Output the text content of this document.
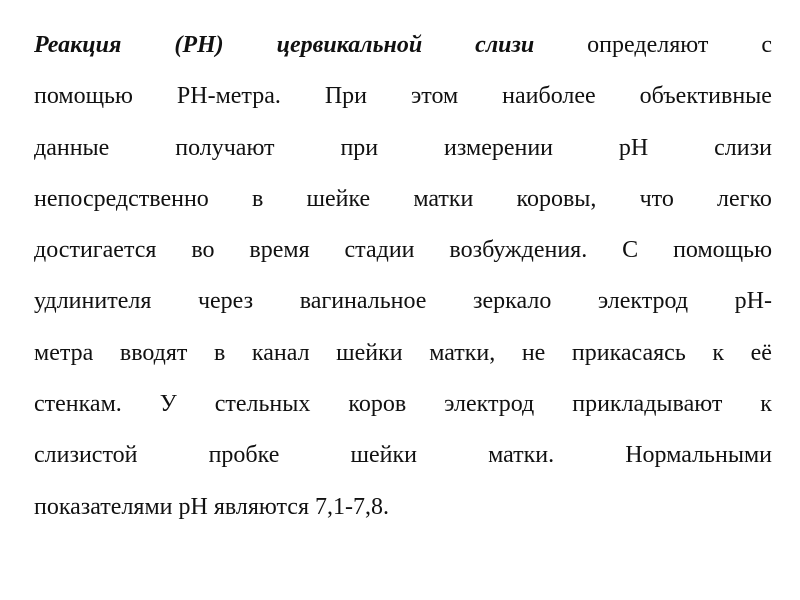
Реакция (PH) цервикальной слизи определяют с
помощью PH-метра. При этом наиболее объективные
данные	получают	при	измерении	pH	слизи
непосредственно в шейке матки коровы, что легко
достигается во время стадии возбуждения. С помощью
удлинителя через вагинальное зеркало электрод pH-
метра вводят в канал шейки матки, не прикасаясь к её
стенкам. У стельных коров электрод прикладывают к
слизистой	пробке	шейки	матки.	Нормальными
показателями pH являются 7,1-7,8.
